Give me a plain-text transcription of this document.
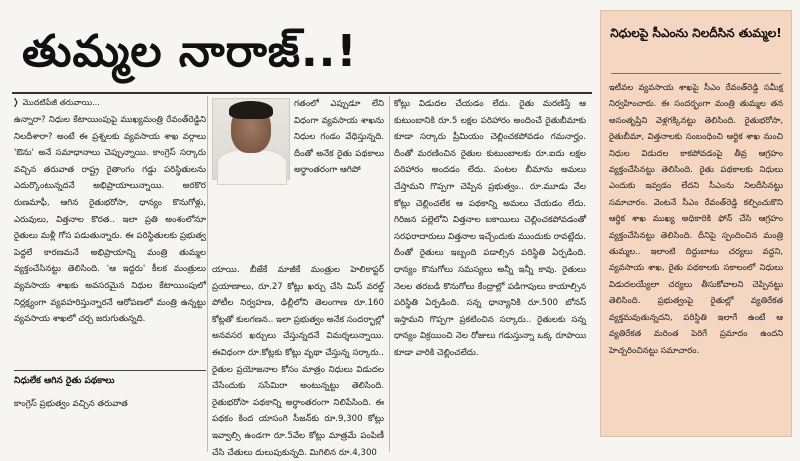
తుమ్మల నారాజ్..!
❭ మొదటిపేజీ తరువాయి...

ఉన్నారా? నిధుల కేటాయింపుపై ముఖ్యమంత్రి రేవంత్‌రెడ్డిని నిలదీశారా? అంటే ఈ ప్రశ్నలకు వ్యవసాయ శాఖ వర్గాలు 'ఔను' అనే సమాధానాలు చెప్పున్నాయి. కాంగ్రెస్ సర్కారు వచ్చిన తరువాత రాష్ట్ర రైతాంగం గడ్డు పరిస్థితులను ఎదుర్కొంటున్నదనే అభిప్రాయాలున్నాయి. అరకొర రుణమాఫీ, ఆగిన రైతుభరోసా, ధాన్యం కొనుగోళ్లు, ఎరువులు, విత్తనాల కొరత.. ఇలా ప్రతి అంశంలోనూ రైతులు మళ్లీ గోస పడుతున్నారు. ఈ పరిస్థితులకు ప్రభుత్వ పెద్దలే కారణమనే అభిప్రాయాన్ని మంత్రి తుమ్మల వ్యక్తంచేసినట్టు తెలిసింది. 'ఆ ఇద్దరు' కీలక మంత్రులు వ్యవసాయ శాఖకు అవసరమైన నిధుల కేటాయింపులో నిర్లక్ష్యంగా వ్యవహరిస్తున్నారనే ఆరోపణలో మంత్రి ఉన్నట్టు వ్యవసాయ శాఖలో చర్చ జరుగుతున్నది.

నిధులేక ఆగిన రైతు పథకాలు

కాంగ్రెస్ ప్రభుత్వం వచ్చిన తరువాత

గతంలో ఎప్పుడూ లేని విధంగా వ్యవసాయ శాఖను నిధుల గండం వేధిస్తున్నది. దీంతో అనేక రైతు పథకాలు అర్ధాంతరంగా ఆగిపో

యాయి. బీజేకే మాజీకే మంత్రుల హెలికాప్టర్ ప్రయాణాలు, రూ.27 కోట్లు ఖర్చు చేసి మిస్ వరల్డ్ పోటీల నిర్వహణ, ఢిల్లీలోని తెలంగాణ రూ.160 కోట్లతో కులగణన.. ఇలా ప్రభుత్వం అనేక సందర్భాల్లో అనవసర ఖర్చులు చేస్తున్నదనే విమర్శలున్నాయి. ఈవిధంగా రూ.కోట్లకు కోట్లు వృథా చేస్తున్న సర్కారు.. రైతుల ప్రయోజనాల కోసం మాత్రం నిధులు విడుదల చేసేందుకు ససేమిరా అంటున్నట్టు తెలిసింది. రైతుభరోసా పథకాన్ని అర్ధాంతరంగా నిలిపేసింది. ఈ పథకం కింద యాసంగి సీజన్‌కు రూ.9,300 కోట్లు ఇవ్వాల్సి ఉండగా రూ.5వేల కోట్లు మాత్రమే పంపిణీ చేసి చేతులు దులుపుకున్నది. మిగిలిన రూ.4,300

కోట్లు విడుదల చేయడం లేదు. రైతు మరణిస్తే ఆ కుటుంబానికి రూ.5 లక్షల పరిహారం అందించే రైతుబీమాకు కూడా సర్కారు ప్రీమియం చెల్లించకపోవడం గమనార్హం. దీంతో మరణించిన రైతుల కుటుంబాలకు రూ.ఐదు లక్షల పరిహారం అందడం లేదు. పంటల బీమాను అమలు చేస్తామని గొప్పగా చెప్పిన ప్రభుత్వం.. రూ.మూడు వేల కోట్లు చెల్లించలేక ఆ పథకాన్ని అమలు చేయడం లేదు. గిరిజన పల్లెలోని విత్తనాల బకాయిలు చెల్లించకపోవడంతో సరఫరాదారులు విత్తనాల ఇచ్చేందుకు ముందుకు రావట్లేదు. దీంతో రైతులు ఇబ్బంది పడాల్సిన పరిస్థితి ఏర్పడింది. ధాన్యం కొనుగోలు సమస్యలు అన్నీ ఇన్నీ కావు. రైతులు నెలల తరబడి కొనుగోలు కేంద్రాల్లో పడిగాపులు కాయాల్సిన పరిస్థితి ఏర్పడింది. సన్న ధాన్యానికి రూ.500 బోనస్ ఇస్తామని గొప్పగా ప్రకటించిన సర్కారు.. రైతులకు సన్న ధాన్యం విక్రయించి నెల రోజులు గడుస్తున్నా ఒక్క రూపాయి కూడా వారికి చెల్లించలేదు.

నిధులపై సీఎంను నిలదీసిన తుమ్మల!

ఇటీవల వ్యవసాయ శాఖపై సీఎం రేవంత్‌రెడ్డి సమీక్ష నిర్వహించారు. ఈ సందర్భంగా మంత్రి తుమ్మల తన అసంతృప్తిని వెళ్లగక్కినట్టు తెలిసింది. రైతుభరోసా, రైతుబీమా, విత్తనాలకు సంబంధించి ఆర్థిక శాఖ నుంచి నిధుల విడుదల కాకపోవడంపై తీవ్ర ఆగ్రహం వ్యక్తంచేసినట్టు తెలిసింది. రైతు పథకాలకు నిధులు ఎందుకు ఇవ్వడం లేదని సీఎంను నిలదీసినట్టు సమాచారం. వెంటనే సీఎం రేవంత్‌రెడ్డి కల్పించుకొని ఆర్థిక శాఖ ముఖ్య అధికారికి ఫోన్ చేసి ఆగ్రహం వ్యక్తంచేసినట్టు తెలిసింది. దీనిపై స్పందించిన మంత్రి తుమ్మల.. ఇలాంటి దిద్దుబాటు చర్యలు వద్దని, వ్యవసాయ శాఖ, రైతు పథకాలకు సకాలంలో నిధులు విడుదలయ్యేలా చర్యలు తీసుకోవాలని చెప్పినట్టు తెలిసింది. ప్రభుత్వంపై రైతుల్లో వ్యతిరేకత వ్యక్తమవుతున్నదని, పరిస్థితి ఇలాగే ఉంటే ఆ వ్యతిరేకత మరింత పెరిగే ప్రమాదం ఉందని హెచ్చరించినట్టు సమాచారం.
